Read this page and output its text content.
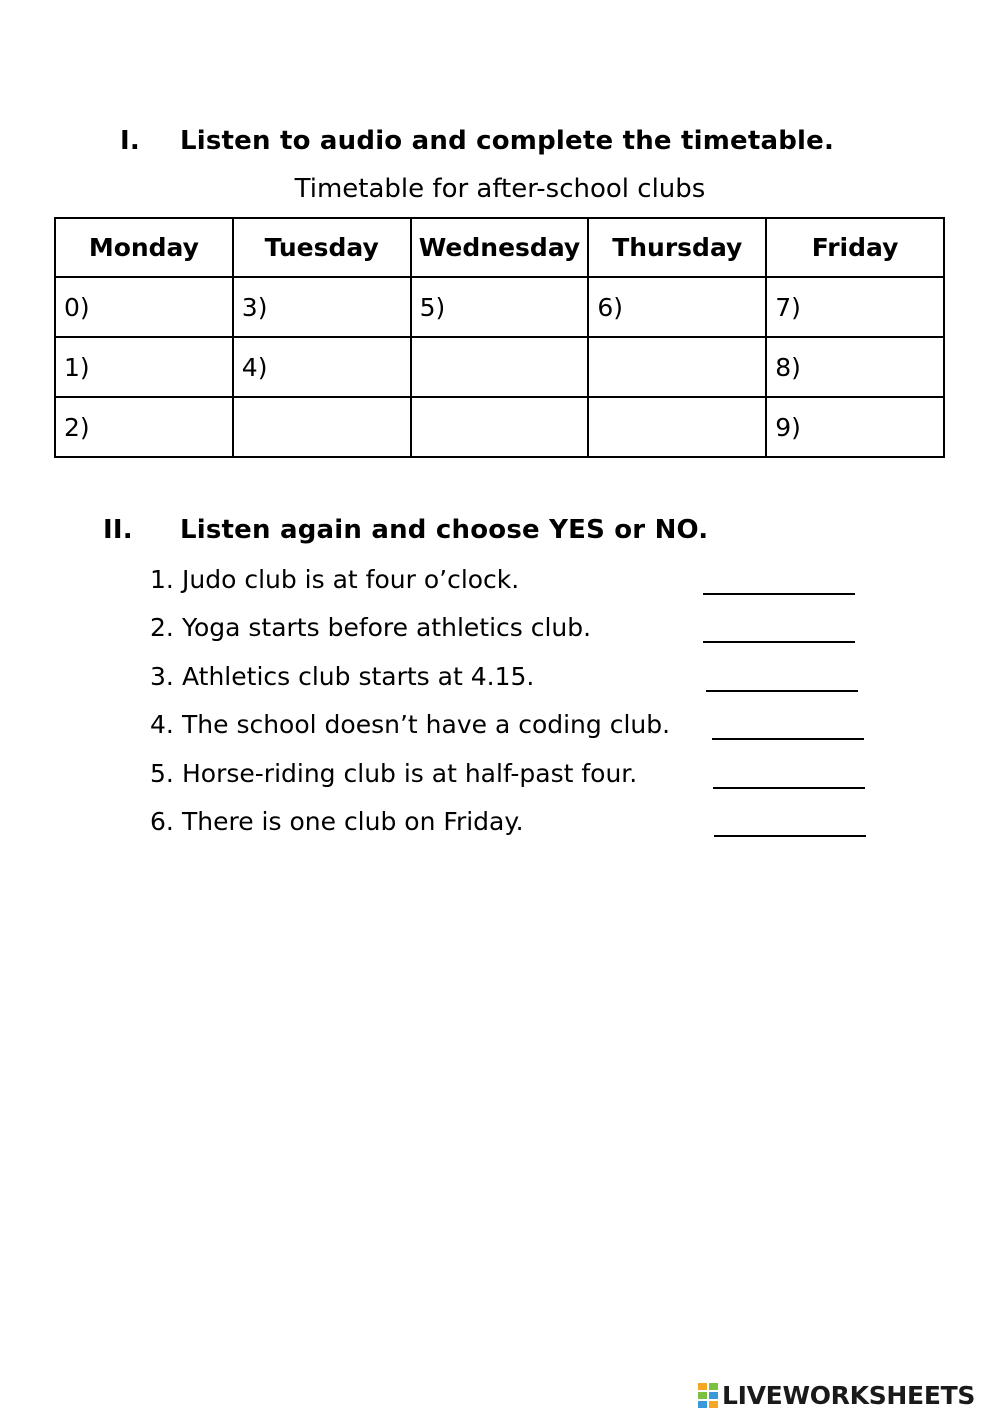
I. Listen to audio and complete the timetable.
Timetable for after-school clubs
Monday	Tuesday	Wednesday	Thursday	Friday
0)	3)	5)	6)	7)
1)	4)			8)
2)				9)
II. Listen again and choose YES or NO.
1. Judo club is at four o’clock.
2. Yoga starts before athletics club.
3. Athletics club starts at 4.15.
4. The school doesn’t have a coding club.
5. Horse-riding club is at half-past four.
6. There is one club on Friday.
LIVEWORKSHEETS
